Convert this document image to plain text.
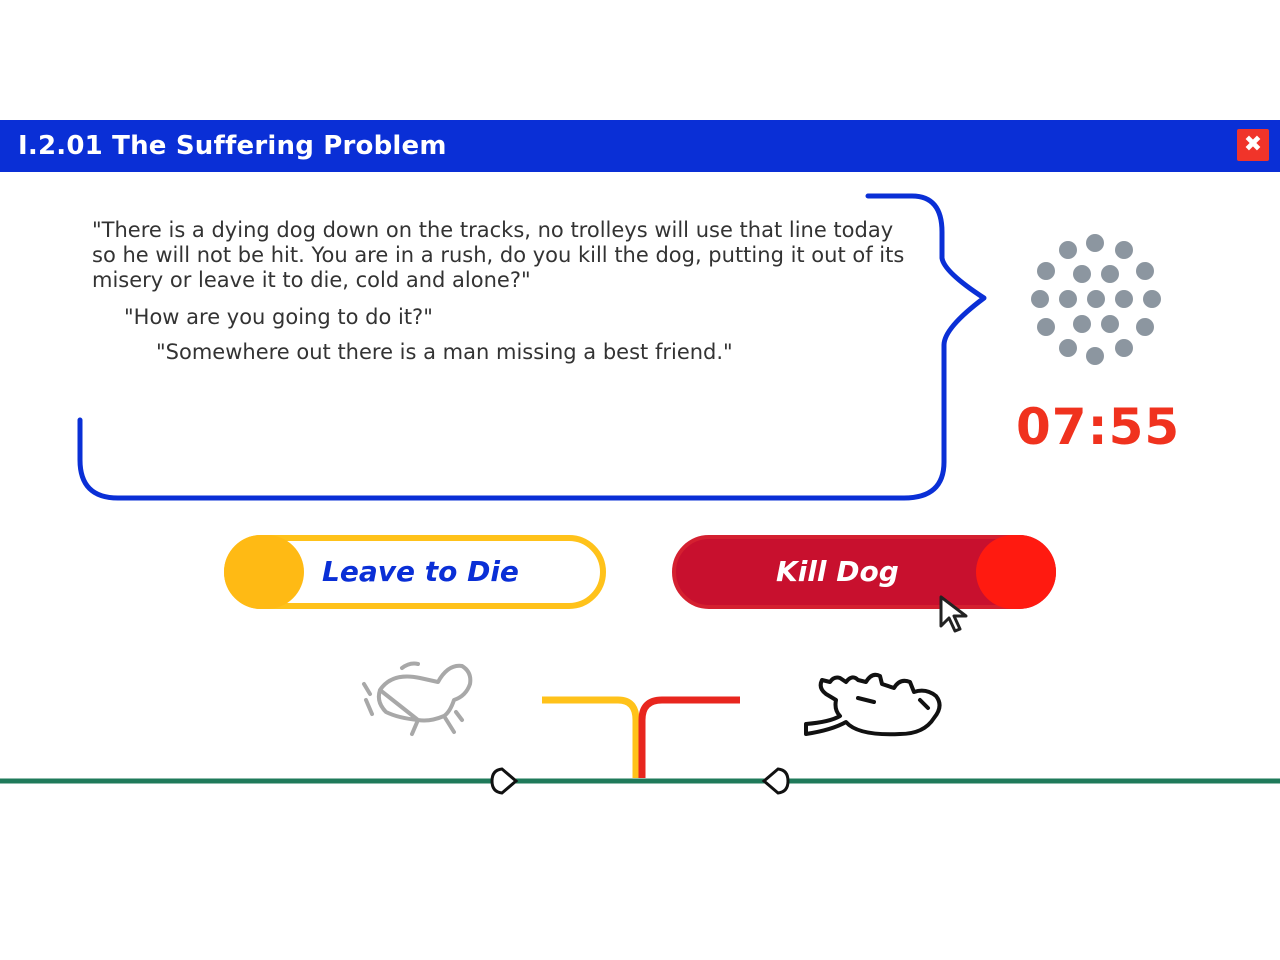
I.2.01 The Suffering Problem	✖

"There is a dying dog down on the tracks, no trolleys will use that line today so he will not be hit. You are in a rush, do you kill the dog, putting it out of its misery or leave it to die, cold and alone?"

"How are you going to do it?"

"Somewhere out there is a man missing a best friend."

07:55
Leave to Die	Kill Dog
